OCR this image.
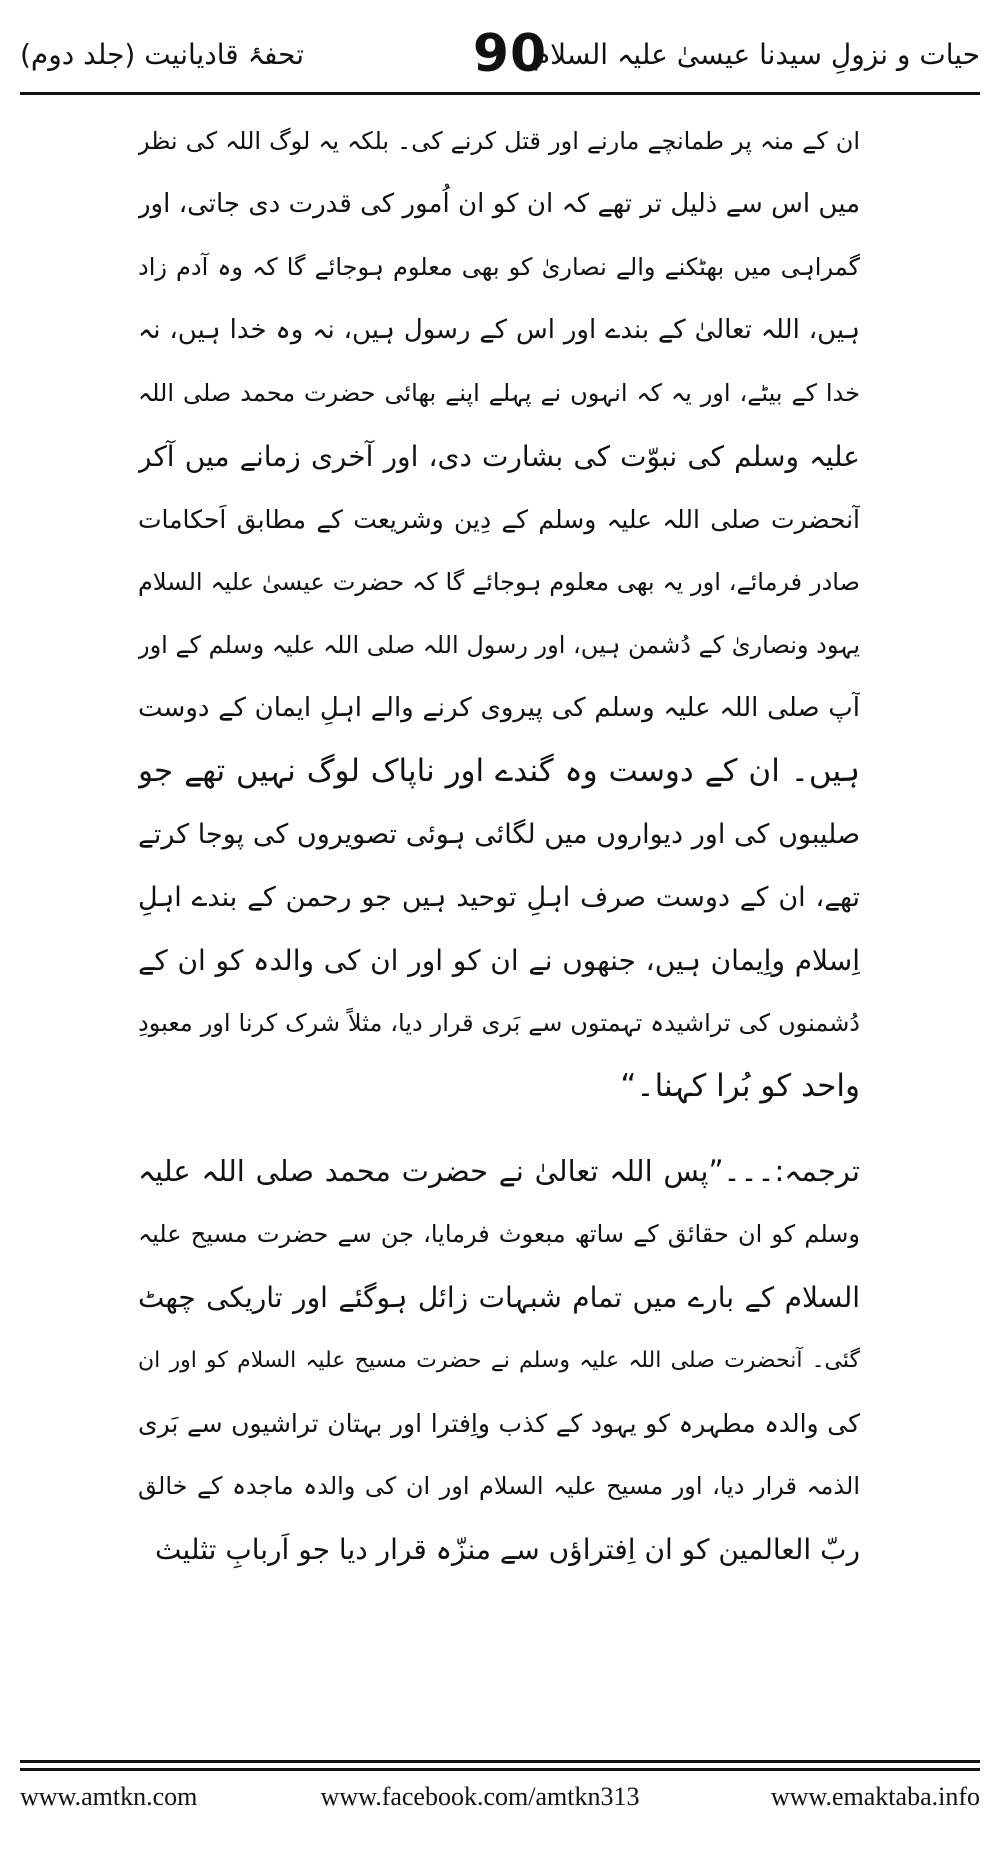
حیات و نزولِ سیدنا عیسیٰ علیہ السلام
90
تحفۂ قادیانیت (جلد دوم)
ان کے منہ پر طمانچے مارنے اور قتل کرنے کی۔ بلکہ یہ لوگ اللہ کی نظر
میں اس سے ذلیل تر تھے کہ ان کو ان اُمور کی قدرت دی جاتی، اور
گمراہی میں بھٹکنے والے نصاریٰ کو بھی معلوم ہوجائے گا کہ وہ آدم زاد
ہیں، اللہ تعالیٰ کے بندے اور اس کے رسول ہیں، نہ وہ خدا ہیں، نہ
خدا کے بیٹے، اور یہ کہ انہوں نے پہلے اپنے بھائی حضرت محمد صلی اللہ
علیہ وسلم کی نبوّت کی بشارت دی، اور آخری زمانے میں آکر
آنحضرت صلی اللہ علیہ وسلم کے دِین وشریعت کے مطابق اَحکامات
صادر فرمائے، اور یہ بھی معلوم ہوجائے گا کہ حضرت عیسیٰ علیہ السلام
یہود ونصاریٰ کے دُشمن ہیں، اور رسول اللہ صلی اللہ علیہ وسلم کے اور
آپ صلی اللہ علیہ وسلم کی پیروی کرنے والے اہلِ ایمان کے دوست
ہیں۔ ان کے دوست وہ گندے اور ناپاک لوگ نہیں تھے جو
صلیبوں کی اور دیواروں میں لگائی ہوئی تصویروں کی پوجا کرتے
تھے، ان کے دوست صرف اہلِ توحید ہیں جو رحمن کے بندے اہلِ
اِسلام واِیمان ہیں، جنھوں نے ان کو اور ان کی والدہ کو ان کے
دُشمنوں کی تراشیدہ تہمتوں سے بَری قرار دیا، مثلاً شرک کرنا اور معبودِ
واحد کو بُرا کہنا۔“
ترجمہ:۔۔۔”پس اللہ تعالیٰ نے حضرت محمد صلی اللہ علیہ
وسلم کو ان حقائق کے ساتھ مبعوث فرمایا، جن سے حضرت مسیح علیہ
السلام کے بارے میں تمام شبہات زائل ہوگئے اور تاریکی چھٹ
گئی۔ آنحضرت صلی اللہ علیہ وسلم نے حضرت مسیح علیہ السلام کو اور ان
کی والدہ مطہرہ کو یہود کے کذب واِفترا اور بہتان تراشیوں سے بَری
الذمہ قرار دیا، اور مسیح علیہ السلام اور ان کی والدہ ماجدہ کے خالق
ربّ العالمین کو ان اِفتراؤں سے منزّہ قرار دیا جو اَربابِ تثلیث
www.amtkn.com	www.facebook.com/amtkn313	www.emaktaba.info
